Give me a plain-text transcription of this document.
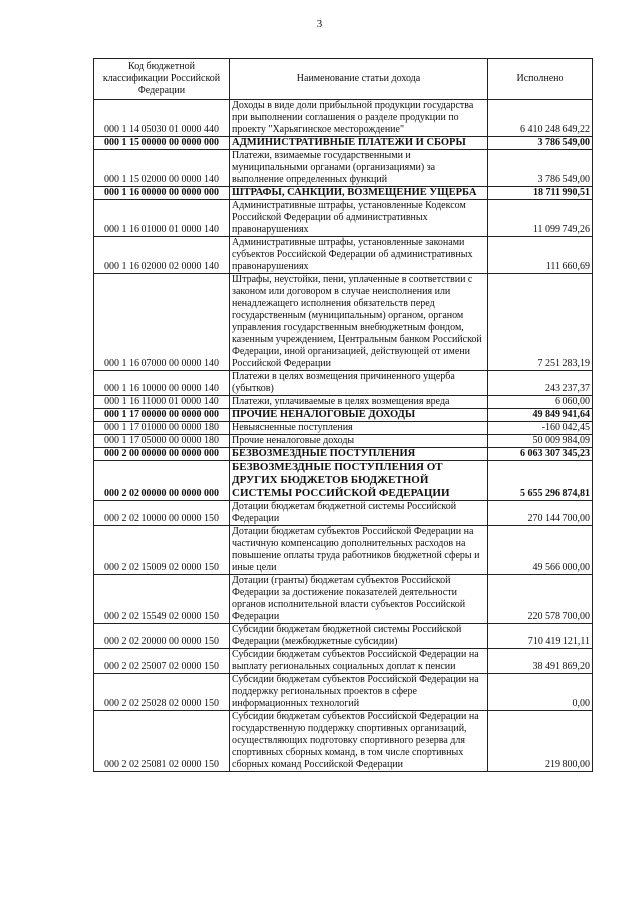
3
Код бюджетной классификации Российской Федерации	Наименование статьи дохода	Исполнено
000 1 14 05030 01 0000 440	Доходы в виде доли прибыльной продукции государства при выполнении соглашения о разделе продукции по проекту "Харьягинское месторождение"	6 410 248 649,22
000 1 15 00000 00 0000 000	АДМИНИСТРАТИВНЫЕ ПЛАТЕЖИ И СБОРЫ	3 786 549,00
000 1 15 02000 00 0000 140	Платежи, взимаемые государственными и муниципальными органами (организациями) за выполнение определенных функций	3 786 549,00
000 1 16 00000 00 0000 000	ШТРАФЫ, САНКЦИИ, ВОЗМЕЩЕНИЕ УЩЕРБА	18 711 990,51
000 1 16 01000 01 0000 140	Административные штрафы, установленные Кодексом Российской Федерации об административных правонарушениях	11 099 749,26
000 1 16 02000 02 0000 140	Административные штрафы, установленные законами субъектов Российской Федерации об административных правонарушениях	111 660,69
000 1 16 07000 00 0000 140	Штрафы, неустойки, пени, уплаченные в соответствии с законом или договором в случае неисполнения или ненадлежащего исполнения обязательств перед государственным (муниципальным) органом, органом управления государственным внебюджетным фондом, казенным учреждением, Центральным банком Российской Федерации, иной организацией, действующей от имени Российской Федерации	7 251 283,19
000 1 16 10000 00 0000 140	Платежи в целях возмещения причиненного ущерба (убытков)	243 237,37
000 1 16 11000 01 0000 140	Платежи, уплачиваемые в целях возмещения вреда	6 060,00
000 1 17 00000 00 0000 000	ПРОЧИЕ НЕНАЛОГОВЫЕ ДОХОДЫ	49 849 941,64
000 1 17 01000 00 0000 180	Невыясненные поступления	-160 042,45
000 1 17 05000 00 0000 180	Прочие неналоговые доходы	50 009 984,09
000 2 00 00000 00 0000 000	БЕЗВОЗМЕЗДНЫЕ ПОСТУПЛЕНИЯ	6 063 307 345,23
000 2 02 00000 00 0000 000	БЕЗВОЗМЕЗДНЫЕ ПОСТУПЛЕНИЯ ОТ ДРУГИХ БЮДЖЕТОВ БЮДЖЕТНОЙ СИСТЕМЫ РОССИЙСКОЙ ФЕДЕРАЦИИ	5 655 296 874,81
000 2 02 10000 00 0000 150	Дотации бюджетам бюджетной системы Российской Федерации	270 144 700,00
000 2 02 15009 02 0000 150	Дотации бюджетам субъектов Российской Федерации на частичную компенсацию дополнительных расходов на повышение оплаты труда работников бюджетной сферы и иные цели	49 566 000,00
000 2 02 15549 02 0000 150	Дотации (гранты) бюджетам субъектов Российской Федерации за достижение показателей деятельности органов исполнительной власти субъектов Российской Федерации	220 578 700,00
000 2 02 20000 00 0000 150	Субсидии бюджетам бюджетной системы Российской Федерации (межбюджетные субсидии)	710 419 121,11
000 2 02 25007 02 0000 150	Субсидии бюджетам субъектов Российской Федерации на выплату региональных социальных доплат к пенсии	38 491 869,20
000 2 02 25028 02 0000 150	Субсидии бюджетам субъектов Российской Федерации на поддержку региональных проектов в сфере информационных технологий	0,00
000 2 02 25081 02 0000 150	Субсидии бюджетам субъектов Российской Федерации на государственную поддержку спортивных организаций, осуществляющих подготовку спортивного резерва для спортивных сборных команд, в том числе спортивных сборных команд Российской Федерации	219 800,00
